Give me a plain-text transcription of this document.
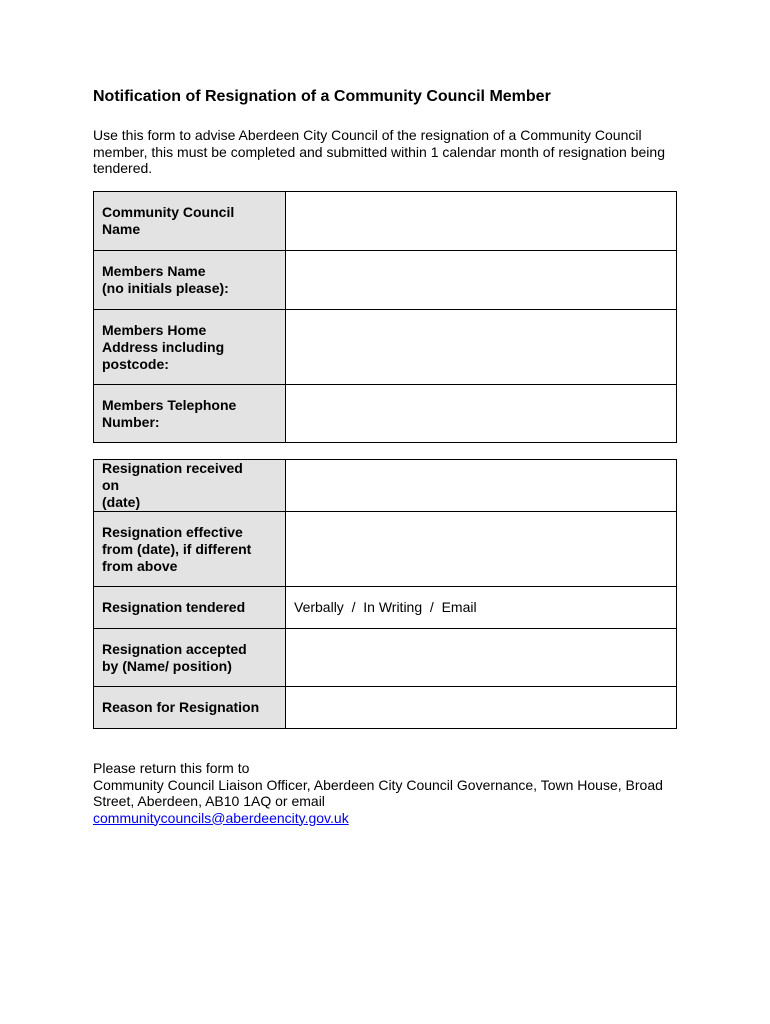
Notification of Resignation of a Community Council Member
Use this form to advise Aberdeen City Council of the resignation of a Community Council member, this must be completed and submitted within 1 calendar month of resignation being tendered.
Community Council
Name	

Members Name
(no initials please):	

Members Home
Address including
postcode:	

Members Telephone
Number:	

Resignation received
on
(date)	

Resignation effective
from (date), if different
from above	

Resignation tendered	Verbally  /  In Writing  /  Email

Resignation accepted
by (Name/ position)	

Reason for Resignation	

Please return this form to
Community Council Liaison Officer, Aberdeen City Council Governance, Town House, Broad Street, Aberdeen, AB10 1AQ or email
communitycouncils@aberdeencity.gov.uk
